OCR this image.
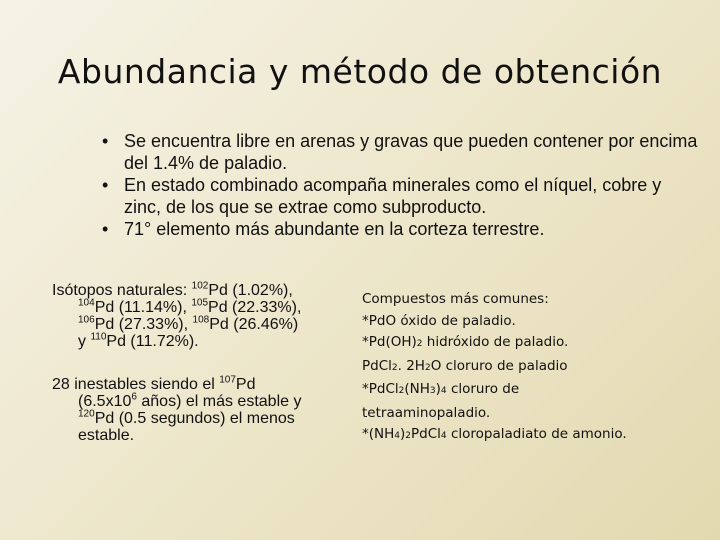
Abundancia y método de obtención
• Se encuentra libre en arenas y gravas que pueden contener por encima del 1.4% de paladio.
• En estado combinado acompaña minerales como el níquel, cobre y zinc, de los que se extrae como subproducto.
• 71° elemento más abundante en la corteza terrestre.

Isótopos naturales: $^{102}$Pd (1.02%), $^{104}$Pd (11.14%), $^{105}$Pd (22.33%), $^{106}$Pd (27.33%), $^{108}$Pd (26.46%) y $^{110}$Pd (11.72%).

28 inestables siendo el $^{107}$Pd ($6.5x10^6$ años) el más estable y $^{120}$Pd (0.5 segundos) el menos estable.

Compuestos más comunes:
*PdO óxido de paladio.
*Pd(OH)2 hidróxido de paladio.
PdCl2. 2H2O cloruro de paladio
*PdCl2(NH3)4 cloruro de
tetraaminopaladio.
*(NH4)2PdCl4 cloropaladiato de amonio.
